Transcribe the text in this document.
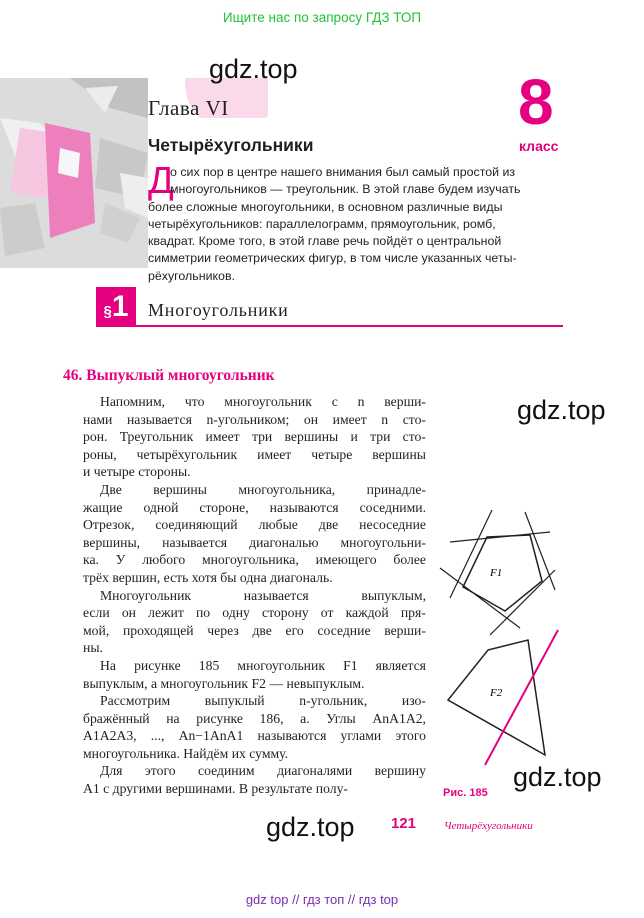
Ищите нас по запросу ГДЗ ТОП
gdz.top
gdz.top
gdz.top
gdz.top
Глава VI	8
класс
Четырёхугольники
Д
о сих пор в центре нашего внимания был самый простой из
многоугольников — треугольник. В этой главе будем изучать
более сложные многоугольники, в основном различные виды
четырёхугольников: параллелограмм, прямоугольник, ромб,
квадрат. Кроме того, в этой главе речь пойдёт о центральной
симметрии геометрических фигур, в том числе указанных четы-
рёхугольников.
§1	Многоугольники
46. Выпуклый многоугольник
Напомним, что многоугольник с n верши-
нами называется n-угольником; он имеет n сто-
рон. Треугольник имеет три вершины и три сто-
роны, четырёхугольник имеет четыре вершины
и четыре стороны.
Две вершины многоугольника, принадле-
жащие одной стороне, называются соседними.
Отрезок, соединяющий любые две несоседние
вершины, называется диагональю многоугольни-
ка. У любого многоугольника, имеющего более
трёх вершин, есть хотя бы одна диагональ.
Многоугольник	называется	выпуклым,
если он лежит по одну сторону от каждой пря-
мой, проходящей через две его соседние верши-
ны.
На рисунке 185 многоугольник F1 является
выпуклым, а многоугольник F2 — невыпуклым.
Рассмотрим	выпуклый	n-угольник,	изо-
бражённый на рисунке 186, а. Углы AnA1A2,
A1A2A3, ..., An−1AnA1 называются углами этого
многоугольника. Найдём их сумму.
Для этого соединим диагоналями вершину
A1 с другими вершинами. В результате полу-
F1
F2
Рис. 185
121	Четырёхугольники
gdz top // гдз топ // гдз top
